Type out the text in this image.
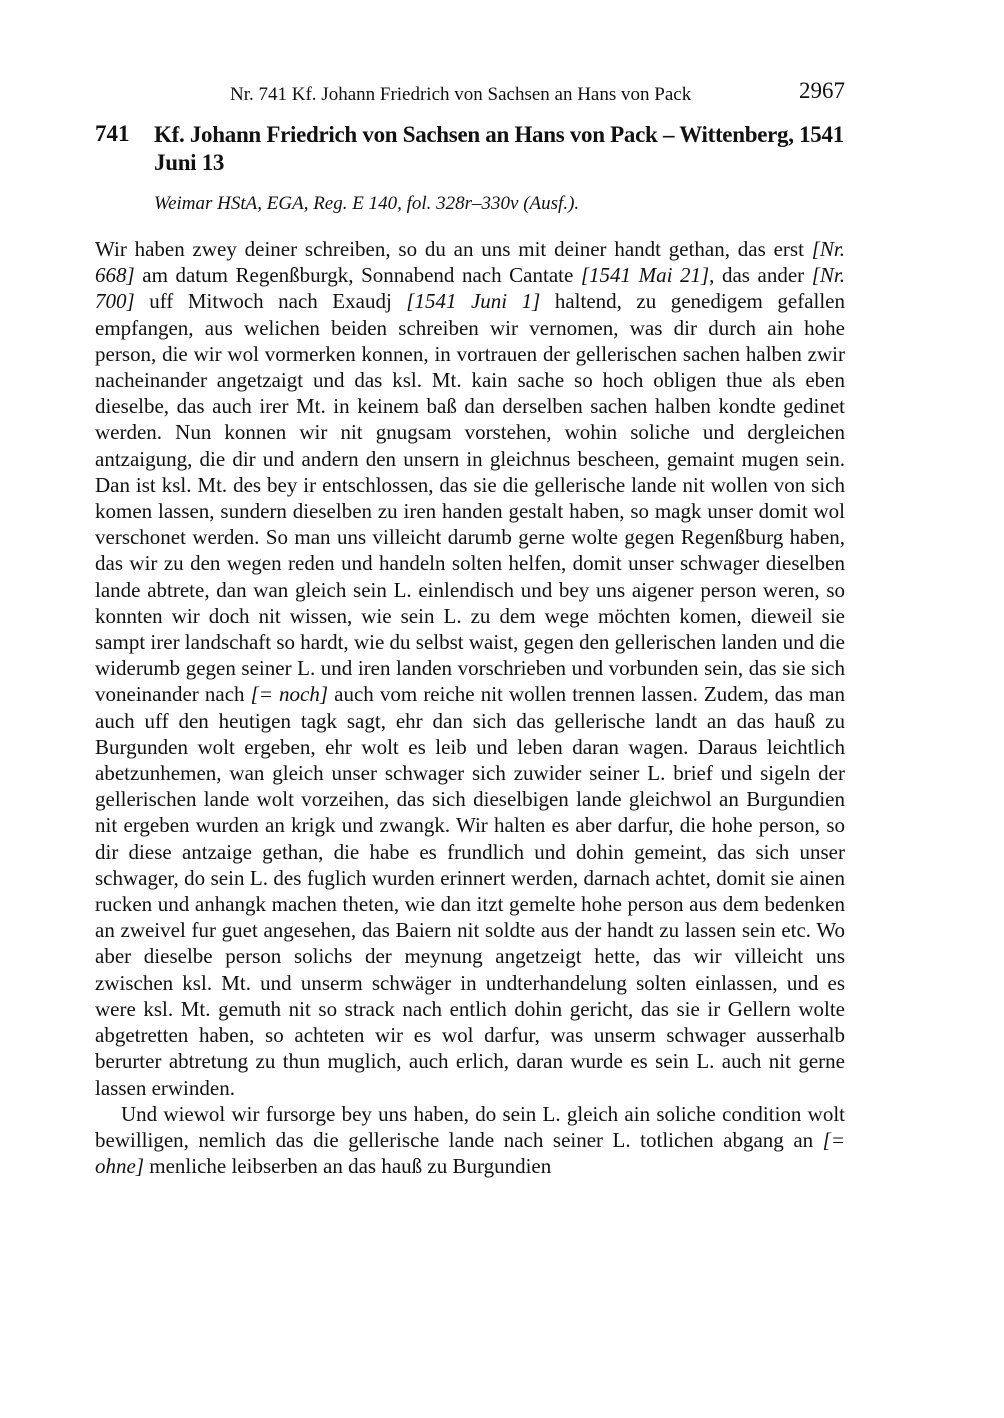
Nr. 741 Kf. Johann Friedrich von Sachsen an Hans von Pack	2967
741 Kf. Johann Friedrich von Sachsen an Hans von Pack – Wittenberg, 1541 Juni 13
Weimar HStA, EGA, Reg. E 140, fol. 328r–330v (Ausf.).

Wir haben zwey deiner schreiben, so du an uns mit deiner handt gethan, das erst [Nr. 668] am datum Regenßburgk, Sonnabend nach Cantate [1541 Mai 21], das ander [Nr. 700] uff Mitwoch nach Exaudj [1541 Juni 1] haltend, zu genedigem gefallen empfangen, aus welichen beiden schreiben wir vernomen, was dir durch ain hohe person, die wir wol vormerken konnen, in vortrauen der gellerischen sachen halben zwir nacheinander angetzaigt und das ksl. Mt. kain sache so hoch obligen thue als eben dieselbe, das auch irer Mt. in keinem baß dan derselben sachen halben kondte gedinet werden. Nun konnen wir nit gnugsam vorstehen, wohin soliche und dergleichen antzaigung, die dir und andern den unsern in gleichnus bescheen, gemaint mugen sein. Dan ist ksl. Mt. des bey ir entschlossen, das sie die gellerische lande nit wollen von sich komen lassen, sundern dieselben zu iren handen gestalt haben, so magk unser domit wol verschonet werden. So man uns villeicht darumb gerne wolte gegen Regenßburg haben, das wir zu den wegen reden und handeln solten helfen, domit unser schwager dieselben lande abtrete, dan wan gleich sein L. einlendisch und bey uns aigener person weren, so konnten wir doch nit wissen, wie sein L. zu dem wege möchten komen, dieweil sie sampt irer landschaft so hardt, wie du selbst waist, gegen den gellerischen landen und die widerumb gegen seiner L. und iren landen vorschrieben und vorbunden sein, das sie sich voneinander nach [= noch] auch vom reiche nit wollen trennen lassen. Zudem, das man auch uff den heutigen tagk sagt, ehr dan sich das gellerische landt an das hauß zu Burgunden wolt ergeben, ehr wolt es leib und leben daran wagen. Daraus leichtlich abetzunhemen, wan gleich unser schwager sich zuwider seiner L. brief und sigeln der gellerischen lande wolt vorzeihen, das sich dieselbigen lande gleichwol an Burgundien nit ergeben wurden an krigk und zwangk. Wir halten es aber darfur, die hohe person, so dir diese antzaige gethan, die habe es frundlich und dohin gemeint, das sich unser schwager, do sein L. des fuglich wurden erinnert werden, darnach achtet, domit sie ainen rucken und anhangk machen theten, wie dan itzt gemelte hohe person aus dem bedenken an zweivel fur guet angesehen, das Baiern nit soldte aus der handt zu lassen sein etc. Wo aber dieselbe person solichs der meynung angetzeigt hette, das wir villeicht uns zwischen ksl. Mt. und unserm schwäger in undterhandelung solten einlassen, und es were ksl. Mt. gemuth nit so strack nach entlich dohin gericht, das sie ir Gellern wolte abgetretten haben, so achteten wir es wol darfur, was unserm schwager ausserhalb berurter abtretung zu thun muglich, auch erlich, daran wurde es sein L. auch nit gerne lassen erwinden.

Und wiewol wir fursorge bey uns haben, do sein L. gleich ain soliche condition wolt bewilligen, nemlich das die gellerische lande nach seiner L. totlichen abgang an [= ohne] menliche leibserben an das hauß zu Burgundien
